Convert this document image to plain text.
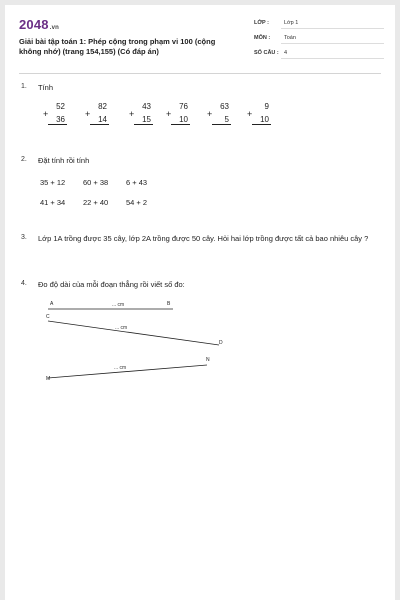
2048.vn
Giải bài tập toán 1: Phép cộng trong phạm vi 100 (cộng không nhớ) (trang 154,155) (Có đáp án)
LỚP :	Lớp 1
MÔN :	Toán
SỐ CÂU : 4
1. Tính
52
+
36
82
+
14
43
+
15
76
+
10
63
+
5
9
+
10
2. Đặt tính rồi tính
35 + 12 60 + 38 6 + 43
41 + 34 22 + 40 54 + 2
3. Lớp 1A trồng được 35 cây, lớp 2A trồng được 50 cây. Hỏi hai lớp trồng được tất cả bao nhiêu cây ?
4. Đo độ dài của mỗi đoạn thẳng rồi viết số đo:
A	B
... cm
C
D
... cm
M
N
... cm
